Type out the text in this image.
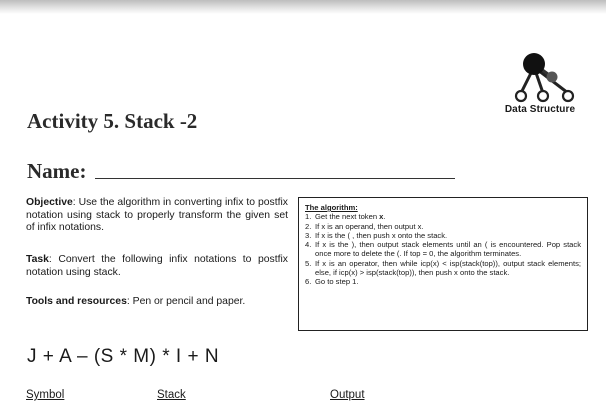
Data Structure
Activity 5. Stack -2
Name:

Objective: Use the algorithm in converting infix to postfix notation using stack to properly transform the given set of infix notations.

Task: Convert the following infix notations to postfix notation using stack.

Tools and resources: Pen or pencil and paper.

The algorithm:
1. Get the next token x.
2. If x is an operand, then output x.
3. If x is the ( , then push x onto the stack.
4. If x is the ), then output stack elements until an ( is encountered. Pop stack once more to delete the (. If top = 0, the algorithm terminates.
5. If x is an operator, then while icp(x) < isp(stack(top)), output stack elements; else, if icp(x) > isp(stack(top)), then push x onto the stack.
6. Go to step 1.
J + A – (S * M) * I + N
Symbol	Stack	Output
